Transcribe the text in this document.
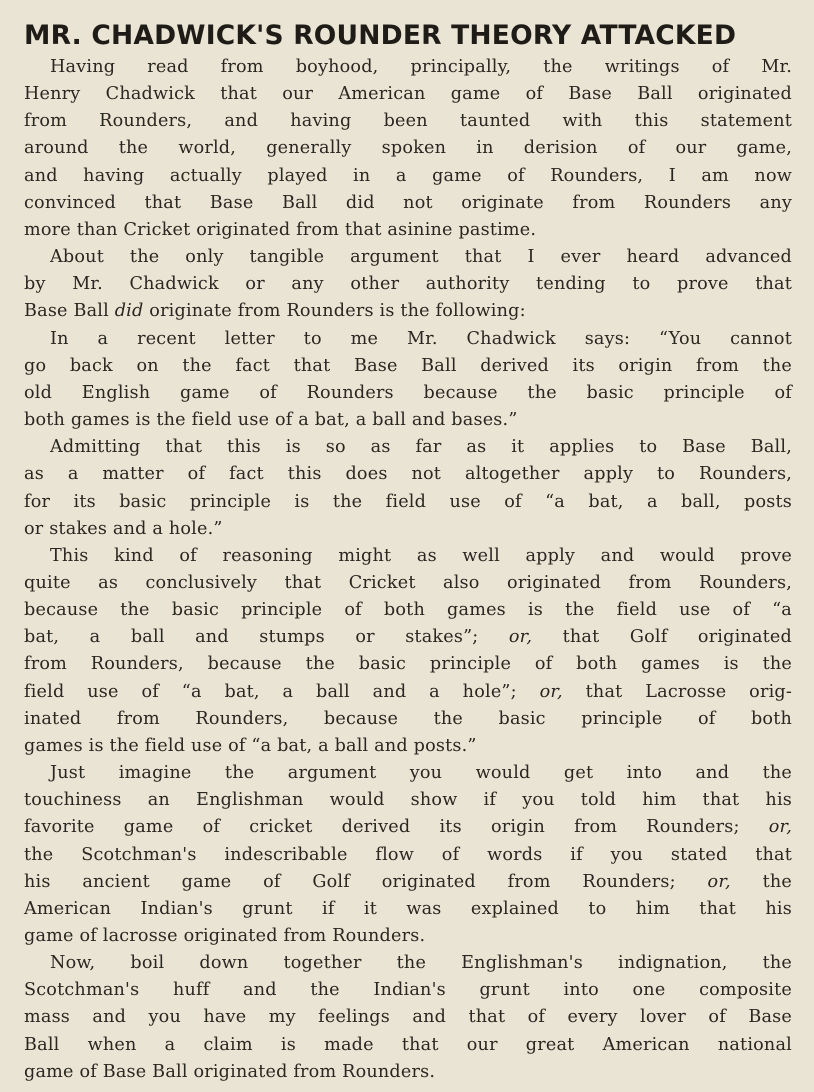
MR. CHADWICK'S ROUNDER THEORY ATTACKED
Having read from boyhood, principally, the writings of Mr.
Henry Chadwick that our American game of Base Ball originated
from Rounders, and having been taunted with this statement
around the world, generally spoken in derision of our game,
and having actually played in a game of Rounders, I am now
convinced that Base Ball did not originate from Rounders any
more than Cricket originated from that asinine pastime.
About the only tangible argument that I ever heard advanced
by Mr. Chadwick or any other authority tending to prove that
Base Ball did originate from Rounders is the following:
In a recent letter to me Mr. Chadwick says: “You cannot
go back on the fact that Base Ball derived its origin from the
old English game of Rounders because the basic principle of
both games is the field use of a bat, a ball and bases.”
Admitting that this is so as far as it applies to Base Ball,
as a matter of fact this does not altogether apply to Rounders,
for its basic principle is the field use of “a bat, a ball, posts
or stakes and a hole.”
This kind of reasoning might as well apply and would prove
quite as conclusively that Cricket also originated from Rounders,
because the basic principle of both games is the field use of “a
bat, a ball and stumps or stakes”; or, that Golf originated
from Rounders, because the basic principle of both games is the
field use of “a bat, a ball and a hole”; or, that Lacrosse orig-
inated from Rounders, because the basic principle of both
games is the field use of “a bat, a ball and posts.”
Just imagine the argument you would get into and the
touchiness an Englishman would show if you told him that his
favorite game of cricket derived its origin from Rounders; or,
the Scotchman's indescribable flow of words if you stated that
his ancient game of Golf originated from Rounders; or, the
American Indian's grunt if it was explained to him that his
game of lacrosse originated from Rounders.
Now, boil down together the Englishman's indignation, the
Scotchman's huff and the Indian's grunt into one composite
mass and you have my feelings and that of every lover of Base
Ball when a claim is made that our great American national
game of Base Ball originated from Rounders.
